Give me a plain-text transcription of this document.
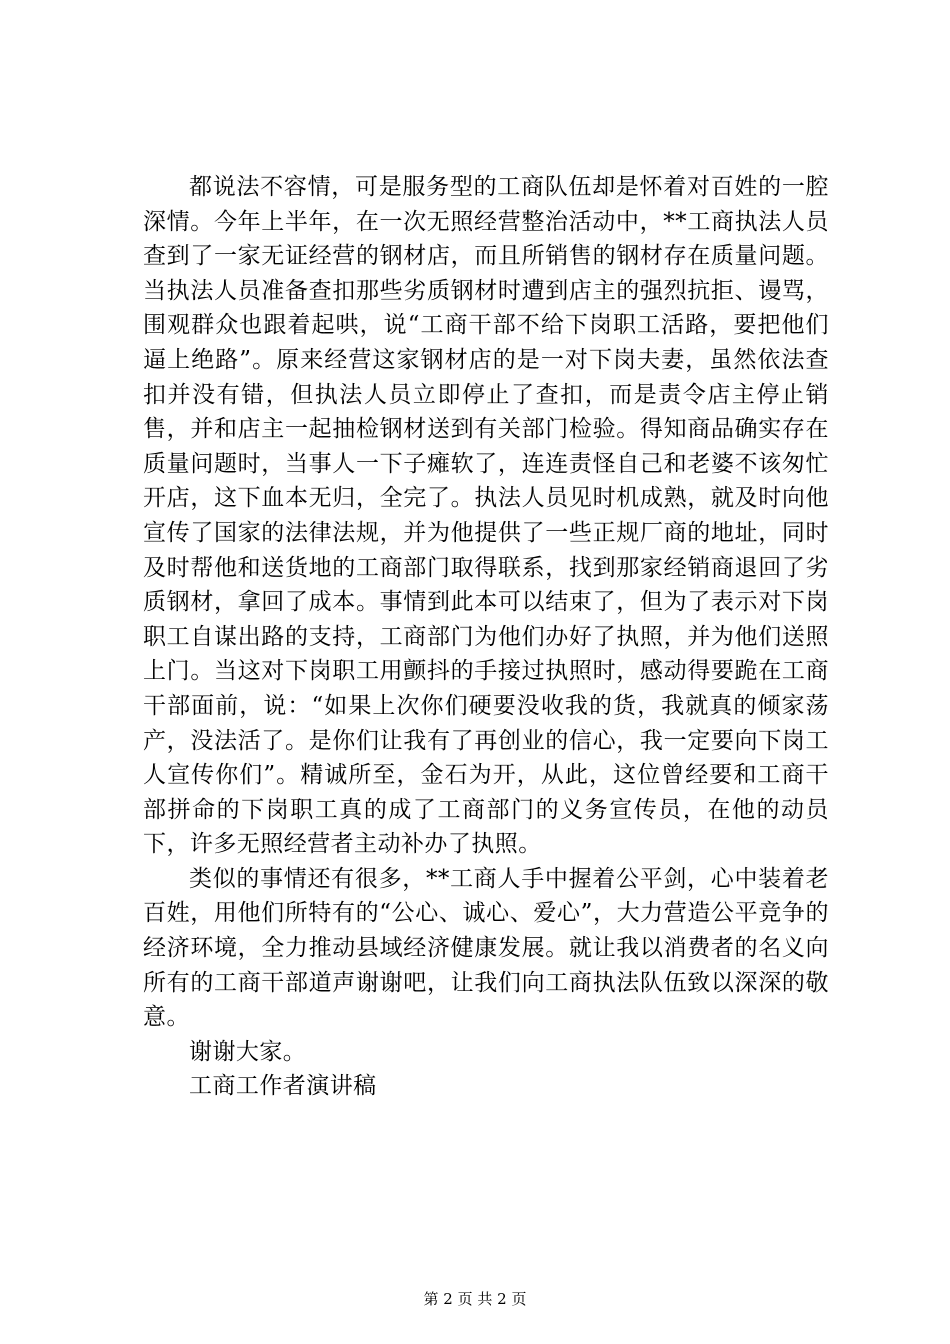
都说法不容情，可是服务型的工商队伍却是怀着对百姓的一腔深情。今年上半年，在一次无照经营整治活动中，**工商执法人员查到了一家无证经营的钢材店，而且所销售的钢材存在质量问题。当执法人员准备查扣那些劣质钢材时遭到店主的强烈抗拒、谩骂，围观群众也跟着起哄，说“工商干部不给下岗职工活路，要把他们逼上绝路”。原来经营这家钢材店的是一对下岗夫妻，虽然依法查扣并没有错，但执法人员立即停止了查扣，而是责令店主停止销售，并和店主一起抽检钢材送到有关部门检验。得知商品确实存在质量问题时，当事人一下子瘫软了，连连责怪自己和老婆不该匆忙开店，这下血本无归，全完了。执法人员见时机成熟，就及时向他宣传了国家的法律法规，并为他提供了一些正规厂商的地址，同时及时帮他和送货地的工商部门取得联系，找到那家经销商退回了劣质钢材，拿回了成本。事情到此本可以结束了，但为了表示对下岗职工自谋出路的支持，工商部门为他们办好了执照，并为他们送照上门。当这对下岗职工用颤抖的手接过执照时，感动得要跪在工商干部面前，说：“如果上次你们硬要没收我的货，我就真的倾家荡产，没法活了。是你们让我有了再创业的信心，我一定要向下岗工人宣传你们”。精诚所至，金石为开，从此，这位曾经要和工商干部拼命的下岗职工真的成了工商部门的义务宣传员，在他的动员下，许多无照经营者主动补办了执照。

类似的事情还有很多，**工商人手中握着公平剑，心中装着老百姓，用他们所特有的“公心、诚心、爱心”，大力营造公平竞争的经济环境，全力推动县域经济健康发展。就让我以消费者的名义向所有的工商干部道声谢谢吧，让我们向工商执法队伍致以深深的敬意。

谢谢大家。

工商工作者演讲稿

第 2 页 共 2 页
